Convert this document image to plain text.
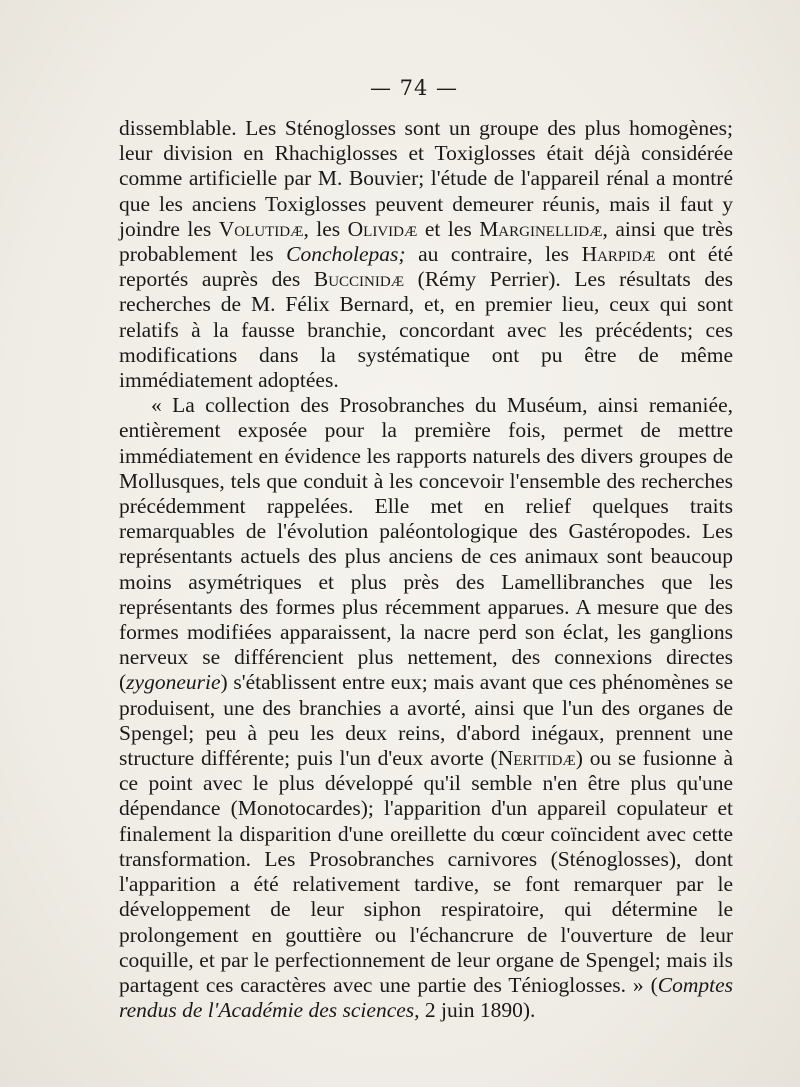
— 74 —

dissemblable. Les Sténoglosses sont un groupe des plus homogènes; leur division en Rhachiglosses et Toxiglosses était déjà considérée comme artificielle par M. Bouvier; l'étude de l'appareil rénal a montré que les anciens Toxiglosses peuvent demeurer réunis, mais il faut y joindre les Volutidæ, les Olividæ et les Marginellidæ, ainsi que très probablement les Concholepas; au contraire, les Harpidæ ont été reportés auprès des Buccinidæ (Rémy Perrier). Les résultats des recherches de M. Félix Bernard, et, en premier lieu, ceux qui sont relatifs à la fausse branchie, concordant avec les précédents; ces modifications dans la systématique ont pu être de même immédiatement adoptées.

« La collection des Prosobranches du Muséum, ainsi remaniée, entièrement exposée pour la première fois, permet de mettre immédiatement en évidence les rapports naturels des divers groupes de Mollusques, tels que conduit à les concevoir l'ensemble des recherches précédemment rappelées. Elle met en relief quelques traits remarquables de l'évolution paléontologique des Gastéropodes. Les représentants actuels des plus anciens de ces animaux sont beaucoup moins asymétriques et plus près des Lamellibranches que les représentants des formes plus récemment apparues. A mesure que des formes modifiées apparaissent, la nacre perd son éclat, les ganglions nerveux se différencient plus nettement, des connexions directes (zygoneurie) s'établissent entre eux; mais avant que ces phénomènes se produisent, une des branchies a avorté, ainsi que l'un des organes de Spengel; peu à peu les deux reins, d'abord inégaux, prennent une structure différente; puis l'un d'eux avorte (Neritidæ) ou se fusionne à ce point avec le plus développé qu'il semble n'en être plus qu'une dépendance (Monotocardes); l'apparition d'un appareil copulateur et finalement la disparition d'une oreillette du cœur coïncident avec cette transformation. Les Prosobranches carnivores (Sténoglosses), dont l'apparition a été relativement tardive, se font remarquer par le développement de leur siphon respiratoire, qui détermine le prolongement en gouttière ou l'échancrure de l'ouverture de leur coquille, et par le perfectionnement de leur organe de Spengel; mais ils partagent ces caractères avec une partie des Ténioglosses. » (Comptes rendus de l'Académie des sciences, 2 juin 1890).
